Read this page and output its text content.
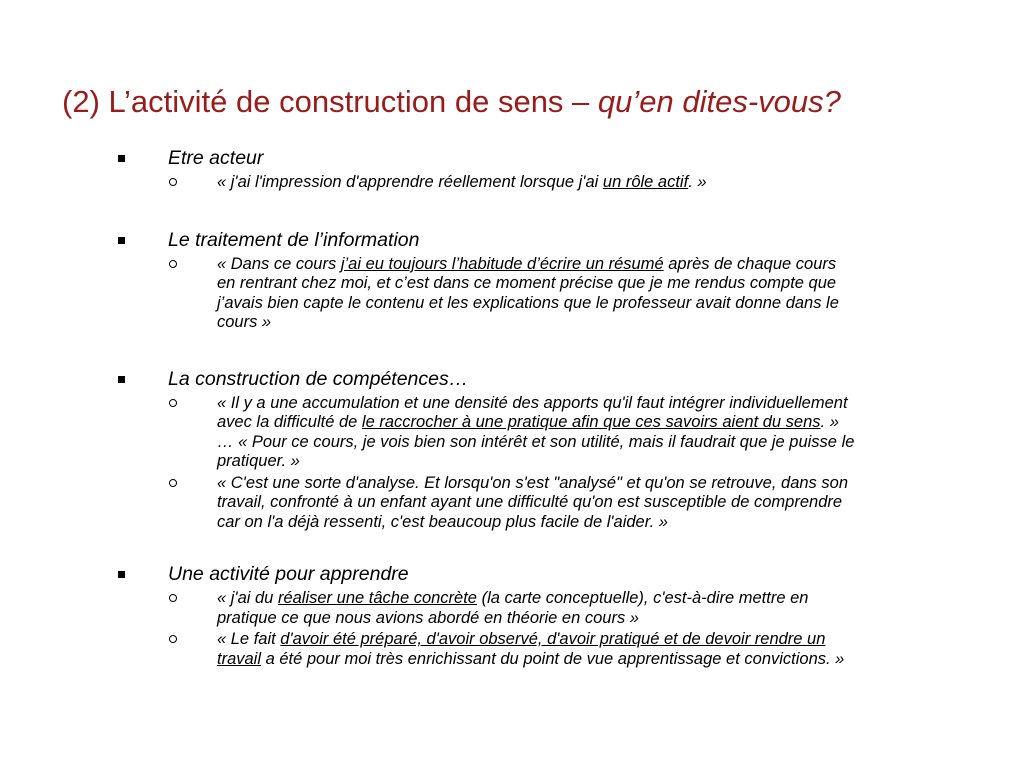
(2) L’activité de construction de sens – qu’en dites-vous?
Etre acteur
« j'ai l'impression d'apprendre réellement lorsque j'ai un rôle actif. »
Le traitement de l’information
« Dans ce cours j’ai eu toujours l’habitude d’écrire un résumé après de chaque cours en rentrant chez moi, et c’est dans ce moment précise que je me rendus compte que j’avais bien capte le contenu et les explications que le professeur avait donne dans le cours »
La construction de compétences…
« Il y a une accumulation et une densité des apports qu'il faut intégrer individuellement avec la difficulté de le raccrocher à une pratique afin que ces savoirs aient du sens. » … « Pour ce cours, je vois bien son intérêt et son utilité, mais il faudrait que je puisse le pratiquer. »
« C'est une sorte d'analyse. Et lorsqu'on s'est "analysé" et qu'on se retrouve, dans son travail, confronté à un enfant ayant une difficulté qu'on est susceptible de comprendre car on l'a déjà ressenti, c'est beaucoup plus facile de l'aider. »
Une activité pour apprendre
« j'ai du réaliser une tâche concrète (la carte conceptuelle), c'est-à-dire mettre en pratique ce que nous avions abordé en théorie en cours »
« Le fait d'avoir été préparé, d'avoir observé, d'avoir pratiqué et de devoir rendre un travail a été pour moi très enrichissant du point de vue apprentissage et convictions. »
